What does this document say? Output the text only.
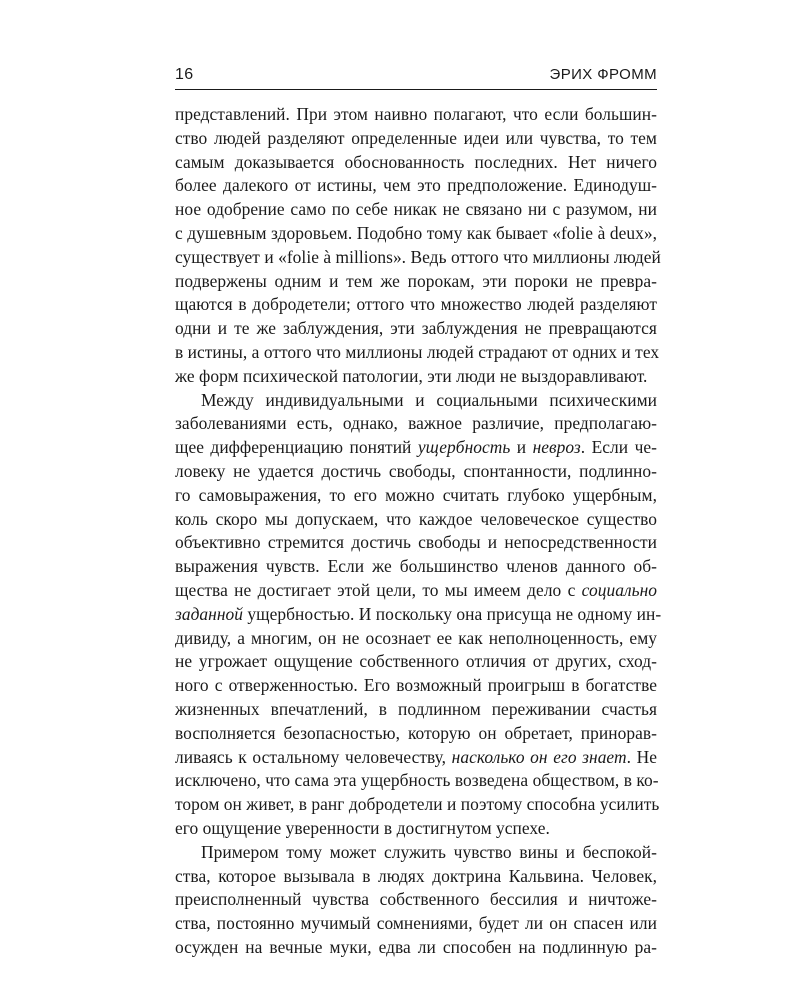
16	ЭРИХ ФРОММ
представлений. При этом наивно полагают, что если большин-
ство людей разделяют определенные идеи или чувства, то тем
самым доказывается обоснованность последних. Нет ничего
более далекого от истины, чем это предположение. Единодуш-
ное одобрение само по себе никак не связано ни с разумом, ни
с душевным здоровьем. Подобно тому как бывает «folie à deux»,
существует и «folie à millions». Ведь оттого что миллионы людей
подвержены одним и тем же порокам, эти пороки не превра-
щаются в добродетели; оттого что множество людей разделяют
одни и те же заблуждения, эти заблуждения не превращаются
в истины, а оттого что миллионы людей страдают от одних и тех
же форм психической патологии, эти люди не выздоравливают.
Между индивидуальными и социальными психическими
заболеваниями есть, однако, важное различие, предполагаю-
щее дифференциацию понятий ущербность и невроз. Если че-
ловеку не удается достичь свободы, спонтанности, подлинно-
го самовыражения, то его можно считать глубоко ущербным,
коль скоро мы допускаем, что каждое человеческое существо
объективно стремится достичь свободы и непосредственности
выражения чувств. Если же большинство членов данного об-
щества не достигает этой цели, то мы имеем дело с социально
заданной ущербностью. И поскольку она присуща не одному ин-
дивиду, а многим, он не осознает ее как неполноценность, ему
не угрожает ощущение собственного отличия от других, сход-
ного с отверженностью. Его возможный проигрыш в богатстве
жизненных впечатлений, в подлинном переживании счастья
восполняется безопасностью, которую он обретает, принорав-
ливаясь к остальному человечеству, насколько он его знает. Не
исключено, что сама эта ущербность возведена обществом, в ко-
тором он живет, в ранг добродетели и поэтому способна усилить
его ощущение уверенности в достигнутом успехе.
Примером тому может служить чувство вины и беспокой-
ства, которое вызывала в людях доктрина Кальвина. Человек,
преисполненный чувства собственного бессилия и ничтоже-
ства, постоянно мучимый сомнениями, будет ли он спасен или
осужден на вечные муки, едва ли способен на подлинную ра-
